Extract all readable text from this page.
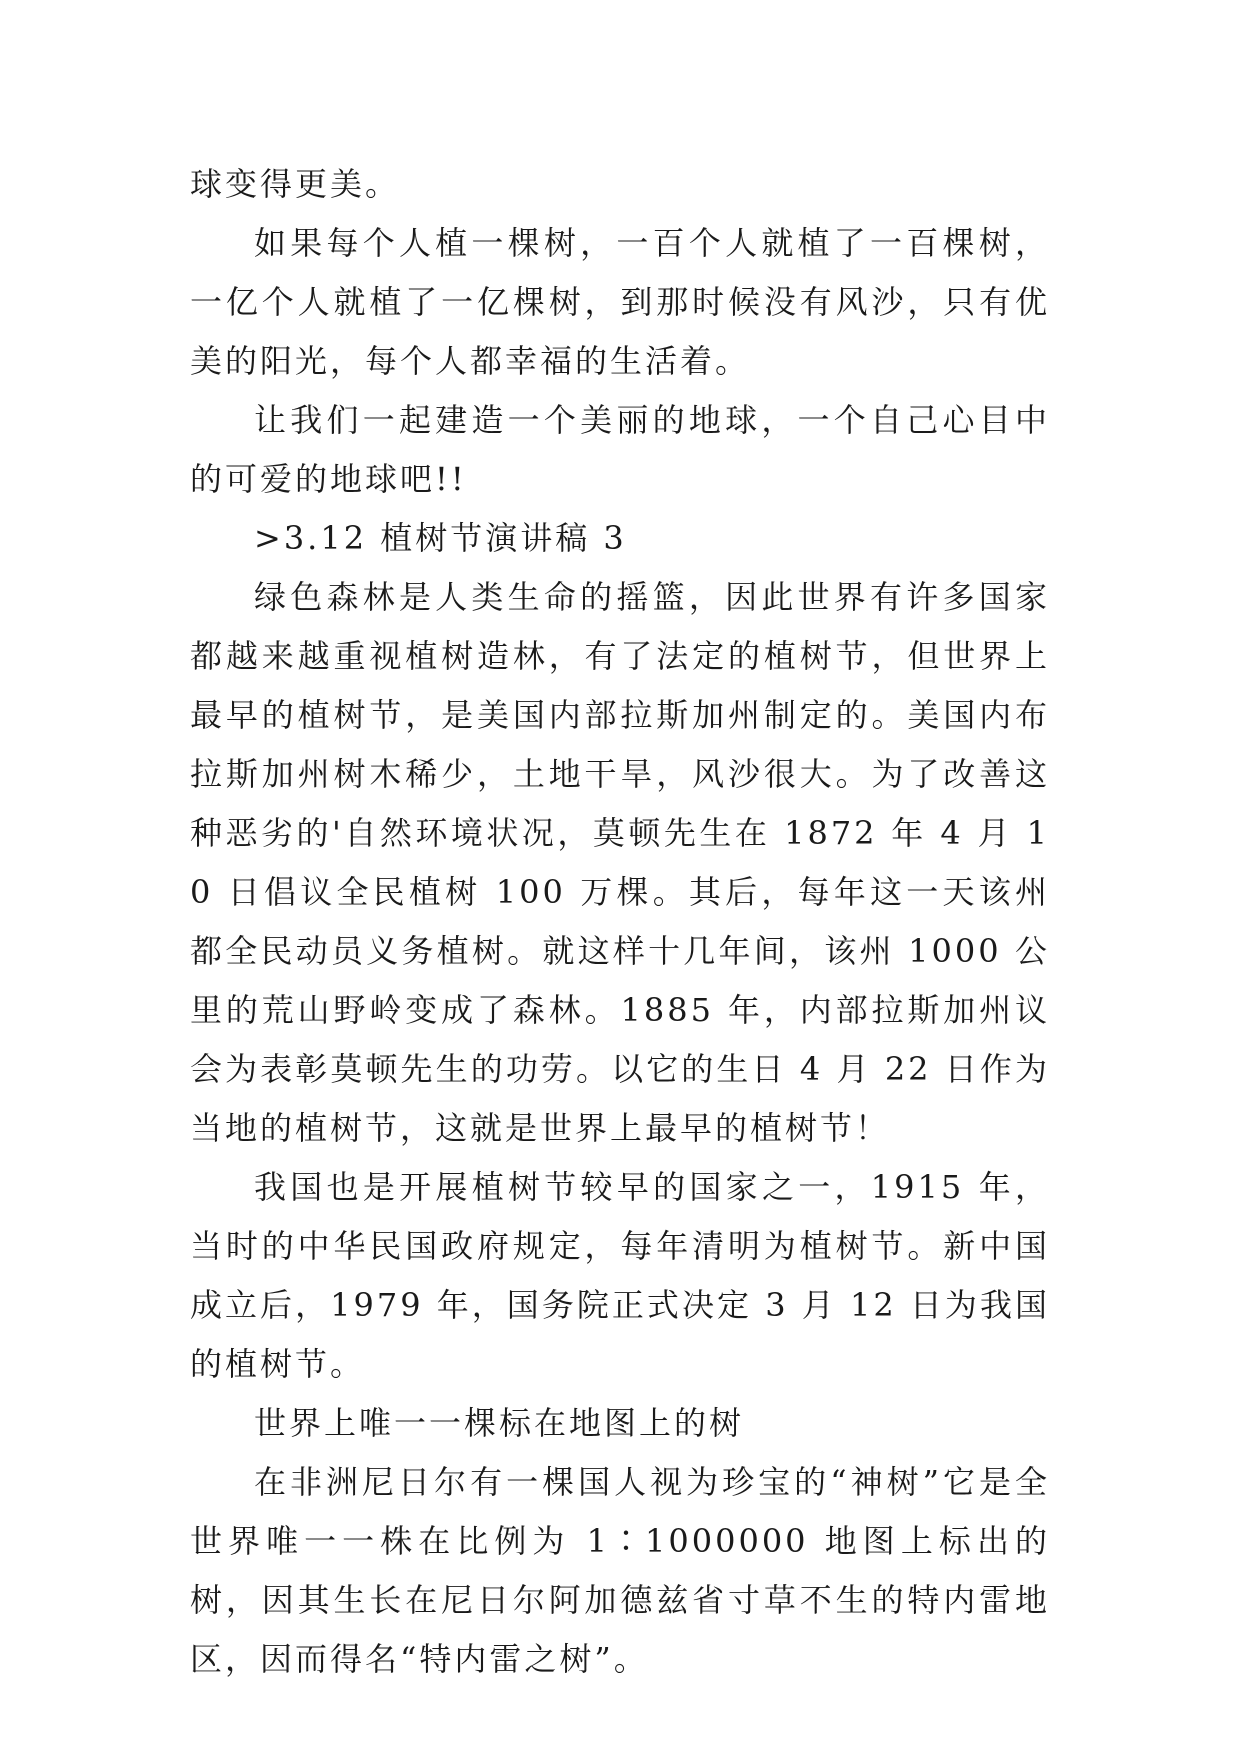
球变得更美。

如果每个人植一棵树，一百个人就植了一百棵树，一亿个人就植了一亿棵树，到那时候没有风沙，只有优美的阳光，每个人都幸福的生活着。

让我们一起建造一个美丽的地球，一个自己心目中的可爱的地球吧!!

>3.12 植树节演讲稿 3

绿色森林是人类生命的摇篮，因此世界有许多国家都越来越重视植树造林，有了法定的植树节，但世界上最早的植树节，是美国内部拉斯加州制定的。美国内布拉斯加州树木稀少，土地干旱，风沙很大。为了改善这种恶劣的'自然环境状况，莫顿先生在 1872 年 4 月 10 日倡议全民植树 100 万棵。其后，每年这一天该州都全民动员义务植树。就这样十几年间，该州 1000 公里的荒山野岭变成了森林。1885 年，内部拉斯加州议会为表彰莫顿先生的功劳。以它的生日 4 月 22 日作为当地的植树节，这就是世界上最早的植树节！

我国也是开展植树节较早的国家之一，1915 年，当时的中华民国政府规定，每年清明为植树节。新中国成立后，1979 年，国务院正式决定 3 月 12 日为我国的植树节。

世界上唯一一棵标在地图上的树

在非洲尼日尔有一棵国人视为珍宝的“神树”它是全世界唯一一株在比例为 1∶1000000 地图上标出的树，因其生长在尼日尔阿加德兹省寸草不生的特内雷地区，因而得名“特内雷之树”。
